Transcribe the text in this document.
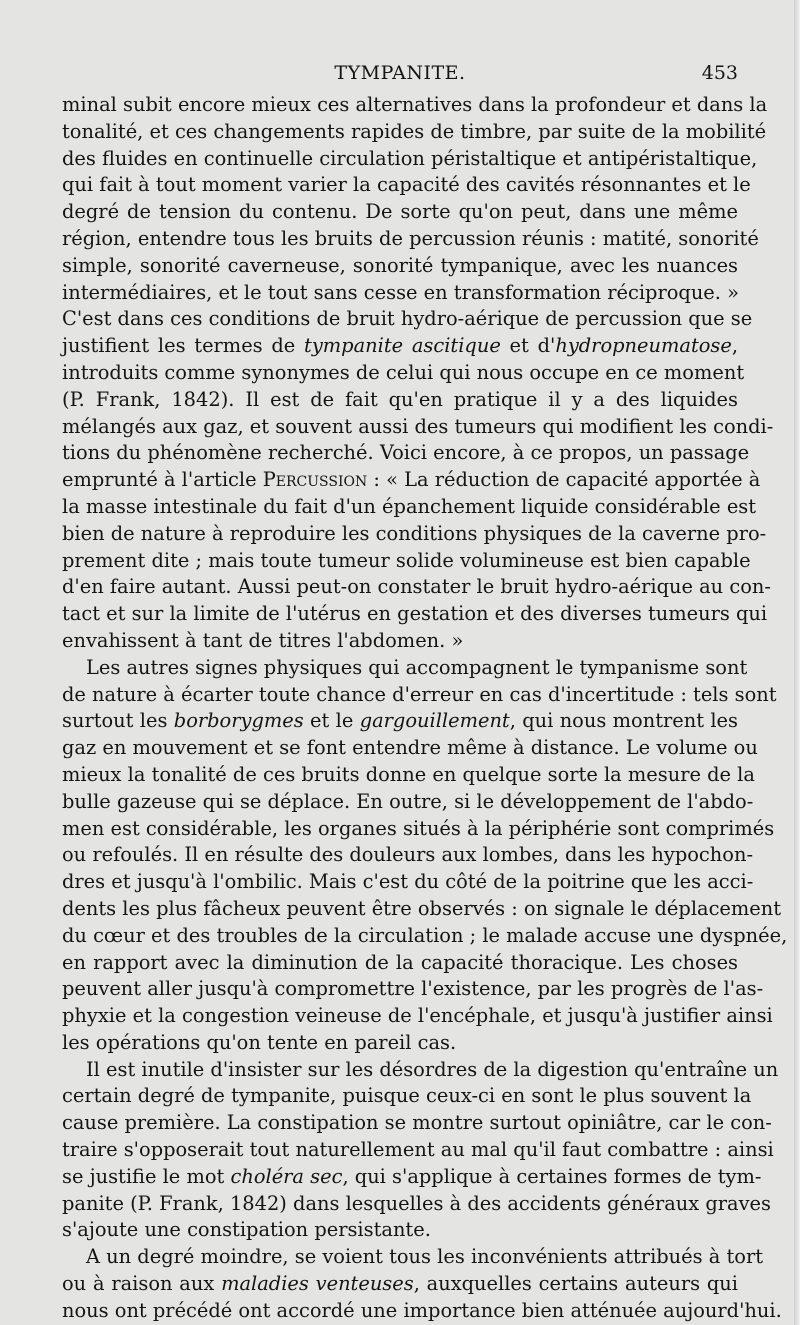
TYMPANITE.	453

minal subit encore mieux ces alternatives dans la profondeur et dans la

tonalité, et ces changements rapides de timbre, par suite de la mobilité

des fluides en continuelle circulation péristaltique et antipéristaltique,

qui fait à tout moment varier la capacité des cavités résonnantes et le

degré de tension du contenu. De sorte qu'on peut, dans une même

région, entendre tous les bruits de percussion réunis : matité, sonorité

simple, sonorité caverneuse, sonorité tympanique, avec les nuances

intermédiaires, et le tout sans cesse en transformation réciproque. »

C'est dans ces conditions de bruit hydro-aérique de percussion que se

justifient les termes de tympanite ascitique et d'hydropneumatose,

introduits comme synonymes de celui qui nous occupe en ce moment

(P. Frank, 1842). Il est de fait qu'en pratique il y a des liquides

mélangés aux gaz, et souvent aussi des tumeurs qui modifient les condi-

tions du phénomène recherché. Voici encore, à ce propos, un passage

emprunté à l'article Percussion : « La réduction de capacité apportée à

la masse intestinale du fait d'un épanchement liquide considérable est

bien de nature à reproduire les conditions physiques de la caverne pro-

prement dite ; mais toute tumeur solide volumineuse est bien capable

d'en faire autant. Aussi peut-on constater le bruit hydro-aérique au con-

tact et sur la limite de l'utérus en gestation et des diverses tumeurs qui

envahissent à tant de titres l'abdomen. »

Les autres signes physiques qui accompagnent le tympanisme sont

de nature à écarter toute chance d'erreur en cas d'incertitude : tels sont

surtout les borborygmes et le gargouillement, qui nous montrent les

gaz en mouvement et se font entendre même à distance. Le volume ou

mieux la tonalité de ces bruits donne en quelque sorte la mesure de la

bulle gazeuse qui se déplace. En outre, si le développement de l'abdo-

men est considérable, les organes situés à la périphérie sont comprimés

ou refoulés. Il en résulte des douleurs aux lombes, dans les hypochon-

dres et jusqu'à l'ombilic. Mais c'est du côté de la poitrine que les acci-

dents les plus fâcheux peuvent être observés : on signale le déplacement

du cœur et des troubles de la circulation ; le malade accuse une dyspnée,

en rapport avec la diminution de la capacité thoracique. Les choses

peuvent aller jusqu'à compromettre l'existence, par les progrès de l'as-

phyxie et la congestion veineuse de l'encéphale, et jusqu'à justifier ainsi

les opérations qu'on tente en pareil cas.

Il est inutile d'insister sur les désordres de la digestion qu'entraîne un

certain degré de tympanite, puisque ceux-ci en sont le plus souvent la

cause première. La constipation se montre surtout opiniâtre, car le con-

traire s'opposerait tout naturellement au mal qu'il faut combattre : ainsi

se justifie le mot choléra sec, qui s'applique à certaines formes de tym-

panite (P. Frank, 1842) dans lesquelles à des accidents généraux graves

s'ajoute une constipation persistante.

A un degré moindre, se voient tous les inconvénients attribués à tort

ou à raison aux maladies venteuses, auxquelles certains auteurs qui

nous ont précédé ont accordé une importance bien atténuée aujourd'hui.
